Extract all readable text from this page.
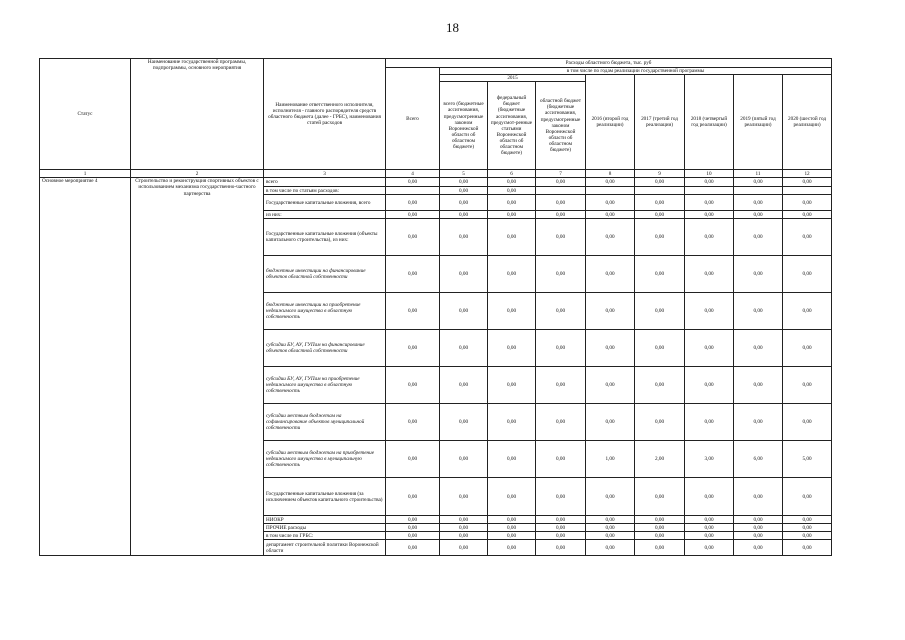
18
Статус	Наименование государственной программы, подпрограммы, основного мероприятия	Наименование ответственного исполнителя, исполнителя - главного распорядителя средств областного бюджета (далее - ГРБС), наименования статей расходов	Расходы областного бюджета, тыс. руб								
			Всего	в том числе по годам реализации государственной программы							
				2015			2016 (второй год реализации)	2017 (третий год реализации)	2018 (четвертый год реализации)	2019 (пятый год реализации)	2020 (шестой год реализации)
				всего (бюджетные ассигнования, предусмотренные законом Воронежской области об областном бюджете)	федеральный бюджет (бюджетные ассигнования, предусмот-ренные статьями Воронежской области об областном бюджете)	областной бюджет (бюджетные ассигнования, предусмотренные законом Воронежской области об областном бюджете)					
1	2	3	4	5	6	7	8	9	10	11	12
Основное мероприятие 4	Строительство и реконструкция спортивных объектов с использованием механизма государственно-частного партнерства	всего	0,00	0,00	0,00	0,00	0,00	0,00	0,00	0,00	0,00
		в том числе по статьям расходов:		0,00	0,00						
		Государственные капитальные вложения, всего	0,00	0,00	0,00	0,00	0,00	0,00	0,00	0,00	0,00
		из них:	0,00	0,00	0,00	0,00	0,00	0,00	0,00	0,00	0,00
		Государственные капитальные вложения (объекты капитального строительства), из них:	0,00	0,00	0,00	0,00	0,00	0,00	0,00	0,00	0,00
		бюджетные инвестиции на финансирование объектов областной собственности	0,00	0,00	0,00	0,00	0,00	0,00	0,00	0,00	0,00
		бюджетные инвестиции на приобретение недвижимого имущества в областную собственность	0,00	0,00	0,00	0,00	0,00	0,00	0,00	0,00	0,00
		субсидии БУ, АУ, ГУПам на финансирование объектов областной собственности	0,00	0,00	0,00	0,00	0,00	0,00	0,00	0,00	0,00
		субсидии БУ, АУ, ГУПам на приобретение недвижимого имущества в областную собственность	0,00	0,00	0,00	0,00	0,00	0,00	0,00	0,00	0,00
		субсидии местным бюджетам на софинансирование объектов муниципальной собственности	0,00	0,00	0,00	0,00	0,00	0,00	0,00	0,00	0,00
		субсидии местным бюджетам на приобретение недвижимого имущества в муниципальную собственность	0,00	0,00	0,00	0,00	1,00	2,00	3,00	6,00	5,00
		Государственные капитальные вложения (за исключением объектов капитального строительства)	0,00	0,00	0,00	0,00	0,00	0,00	0,00	0,00	0,00
		НИОКР	0,00	0,00	0,00	0,00	0,00	0,00	0,00	0,00	0,00
		ПРОЧИЕ расходы	0,00	0,00	0,00	0,00	0,00	0,00	0,00	0,00	0,00
		в том числе по ГРБС:	0,00	0,00	0,00	0,00	0,00	0,00	0,00	0,00	0,00
		департамент строительной политики Воронежской области	0,00	0,00	0,00	0,00	0,00	0,00	0,00	0,00	0,00
